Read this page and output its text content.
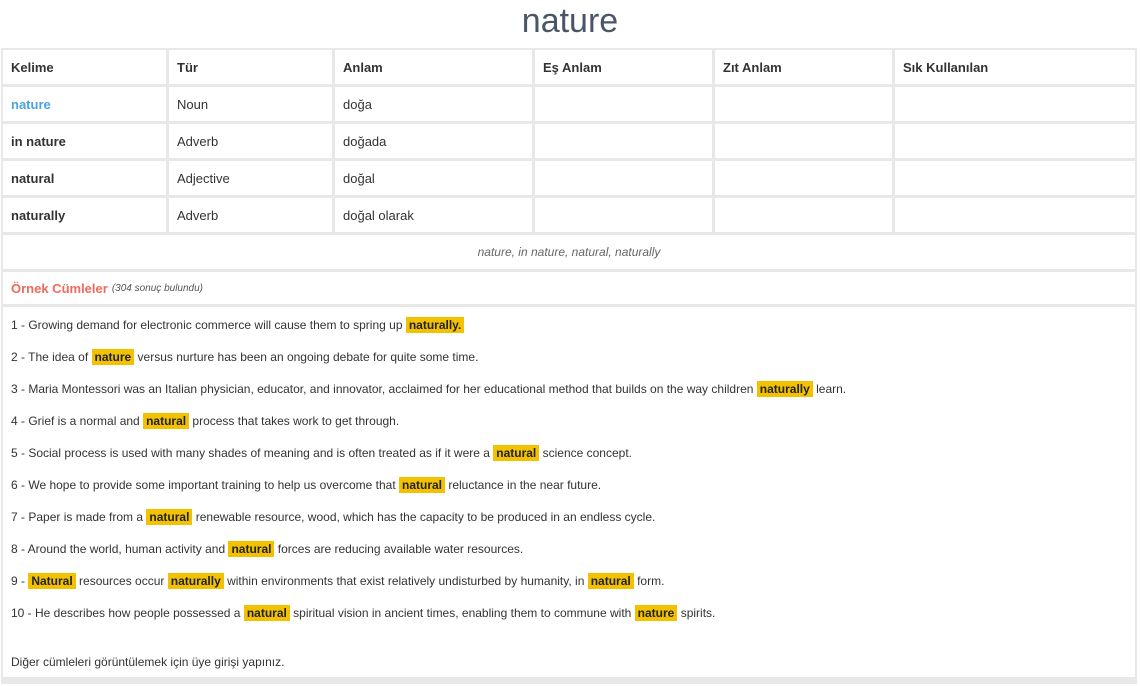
nature
Kelime	Tür	Anlam	Eş Anlam	Zıt Anlam	Sık Kullanılan
nature	Noun	doğa
in nature	Adverb	doğada
natural	Adjective	doğal
naturally	Adverb	doğal olarak
nature, in nature, natural, naturally
Örnek Cümleler (304 sonuç bulundu)
1 - Growing demand for electronic commerce will cause them to spring up naturally.
2 - The idea of nature versus nurture has been an ongoing debate for quite some time.
3 - Maria Montessori was an Italian physician, educator, and innovator, acclaimed for her educational method that builds on the way children naturally learn.
4 - Grief is a normal and natural process that takes work to get through.
5 - Social process is used with many shades of meaning and is often treated as if it were a natural science concept.
6 - We hope to provide some important training to help us overcome that natural reluctance in the near future.
7 - Paper is made from a natural renewable resource, wood, which has the capacity to be produced in an endless cycle.
8 - Around the world, human activity and natural forces are reducing available water resources.
9 - Natural resources occur naturally within environments that exist relatively undisturbed by humanity, in natural form.
10 - He describes how people possessed a natural spiritual vision in ancient times, enabling them to commune with nature spirits.
Diğer cümleleri görüntülemek için üye girişi yapınız.
